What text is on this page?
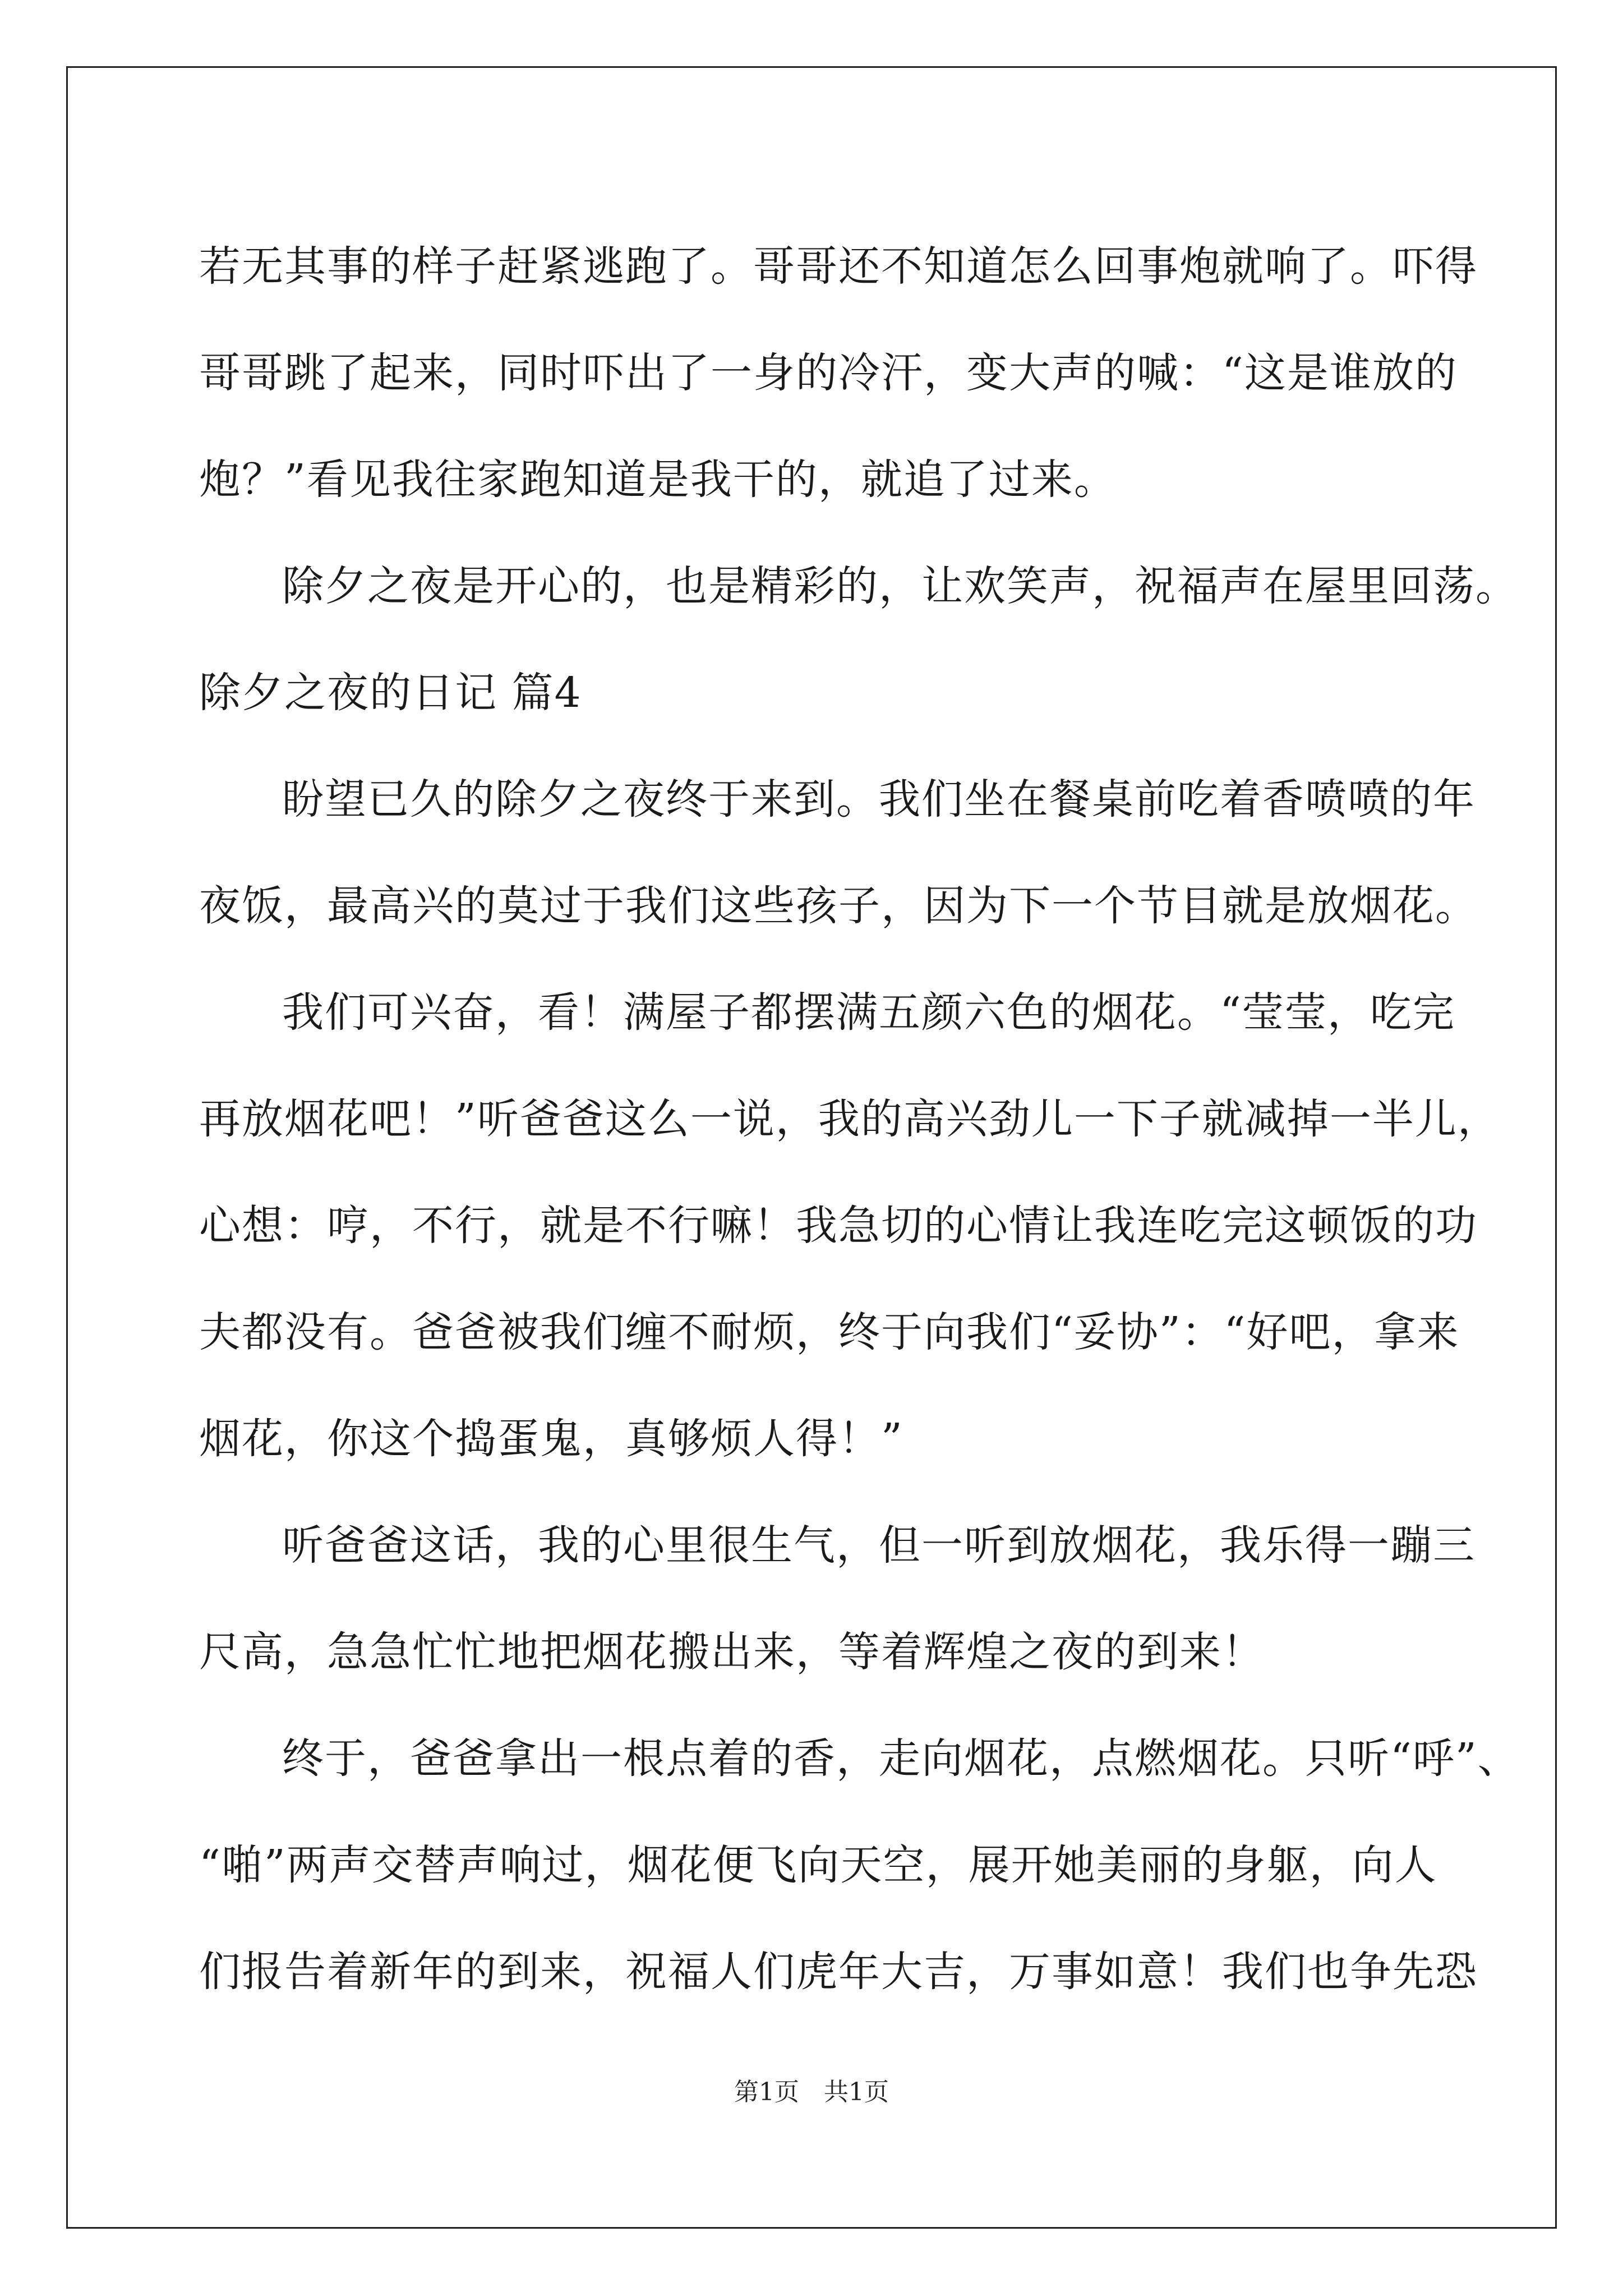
若无其事的样子赶紧逃跑了。哥哥还不知道怎么回事炮就响了。吓得
哥哥跳了起来，同时吓出了一身的冷汗，变大声的喊：“这是谁放的
炮？”看见我往家跑知道是我干的，就追了过来。
除夕之夜是开心的，也是精彩的，让欢笑声，祝福声在屋里回荡。
除夕之夜的日记 篇4
盼望已久的除夕之夜终于来到。我们坐在餐桌前吃着香喷喷的年
夜饭，最高兴的莫过于我们这些孩子，因为下一个节目就是放烟花。
我们可兴奋，看！满屋子都摆满五颜六色的烟花。“莹莹，吃完
再放烟花吧！”听爸爸这么一说，我的高兴劲儿一下子就减掉一半儿，
心想：哼，不行，就是不行嘛！我急切的心情让我连吃完这顿饭的功
夫都没有。爸爸被我们缠不耐烦，终于向我们“妥协”：“好吧，拿来
烟花，你这个捣蛋鬼，真够烦人得！”
听爸爸这话，我的心里很生气，但一听到放烟花，我乐得一蹦三
尺高，急急忙忙地把烟花搬出来，等着辉煌之夜的到来！
终于，爸爸拿出一根点着的香，走向烟花，点燃烟花。只听“呼”、
“啪”两声交替声响过，烟花便飞向天空，展开她美丽的身躯，向人
们报告着新年的到来，祝福人们虎年大吉，万事如意！我们也争先恐
第1页　共1页
